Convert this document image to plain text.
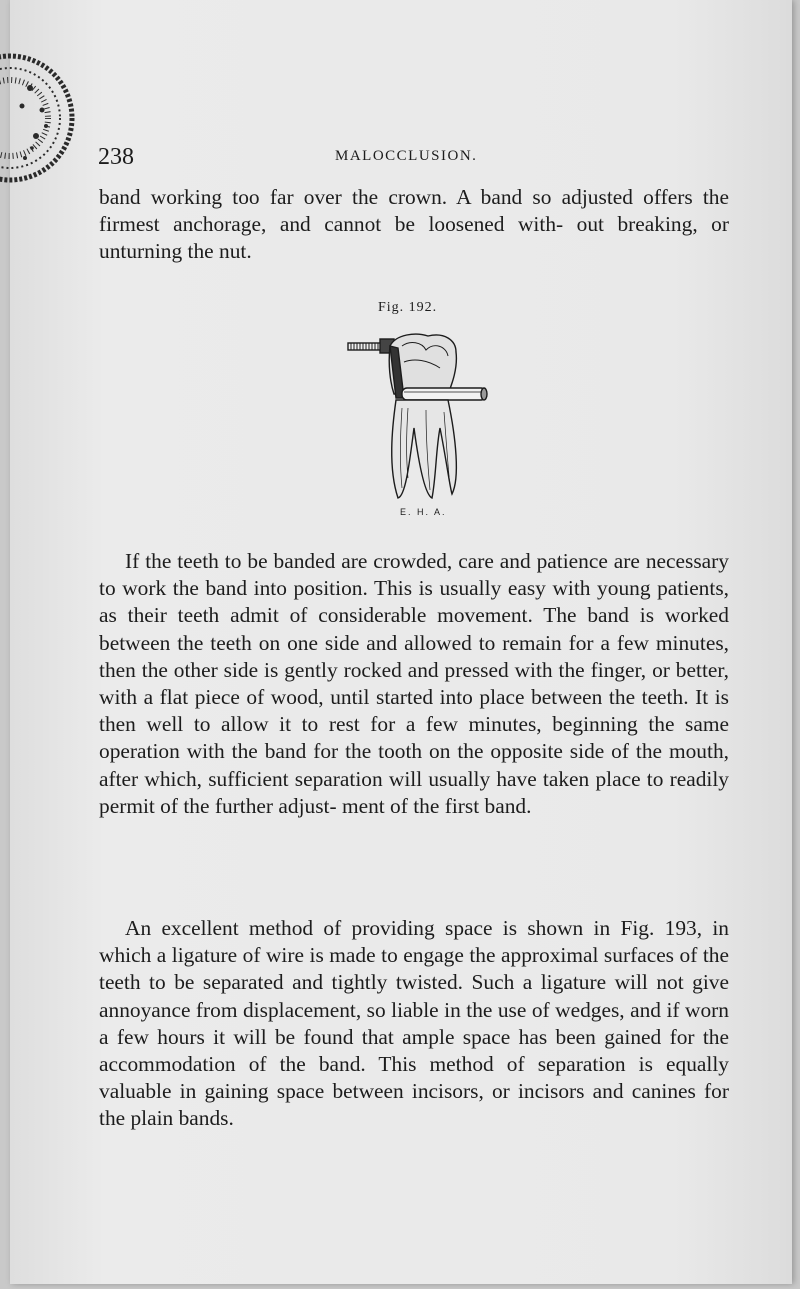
238	MALOCCLUSION.

band working too far over the crown. A band so adjusted offers the firmest anchorage, and cannot be loosened with- out breaking, or unturning the nut.

Fig. 192.
E. H. A.

If the teeth to be banded are crowded, care and patience are necessary to work the band into position. This is usually easy with young patients, as their teeth admit of considerable movement. The band is worked between the teeth on one side and allowed to remain for a few minutes, then the other side is gently rocked and pressed with the finger, or better, with a flat piece of wood, until started into place between the teeth. It is then well to allow it to rest for a few minutes, beginning the same operation with the band for the tooth on the opposite side of the mouth, after which, sufficient separation will usually have taken place to readily permit of the further adjust- ment of the first band.

An excellent method of providing space is shown in Fig. 193, in which a ligature of wire is made to engage the approximal surfaces of the teeth to be separated and tightly twisted. Such a ligature will not give annoyance from displacement, so liable in the use of wedges, and if worn a few hours it will be found that ample space has been gained for the accommodation of the band. This method of separation is equally valuable in gaining space between incisors, or incisors and canines for the plain bands.
